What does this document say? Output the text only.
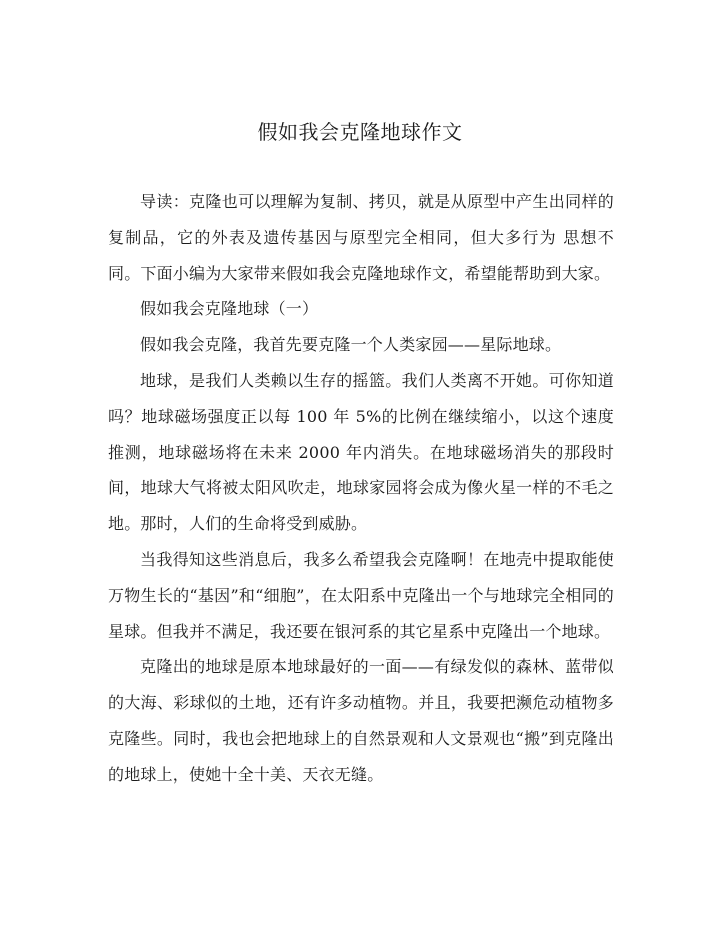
假如我会克隆地球作文

导读：克隆也可以理解为复制、拷贝，就是从原型中产生出同样的复制品，它的外表及遗传基因与原型完全相同，但大多行为 思想不同。下面小编为大家带来假如我会克隆地球作文，希望能帮助到大家。

假如我会克隆地球（一）

假如我会克隆，我首先要克隆一个人类家园——星际地球。

地球，是我们人类赖以生存的摇篮。我们人类离不开她。可你知道吗？地球磁场强度正以每 100 年 5%的比例在继续缩小，以这个速度推测，地球磁场将在未来 2000 年内消失。在地球磁场消失的那段时间，地球大气将被太阳风吹走，地球家园将会成为像火星一样的不毛之地。那时，人们的生命将受到威胁。

当我得知这些消息后，我多么希望我会克隆啊！在地壳中提取能使万物生长的“基因”和“细胞”，在太阳系中克隆出一个与地球完全相同的星球。但我并不满足，我还要在银河系的其它星系中克隆出一个地球。

克隆出的地球是原本地球最好的一面——有绿发似的森林、蓝带似的大海、彩球似的土地，还有许多动植物。并且，我要把濒危动植物多克隆些。同时，我也会把地球上的自然景观和人文景观也“搬”到克隆出的地球上，使她十全十美、天衣无缝。
